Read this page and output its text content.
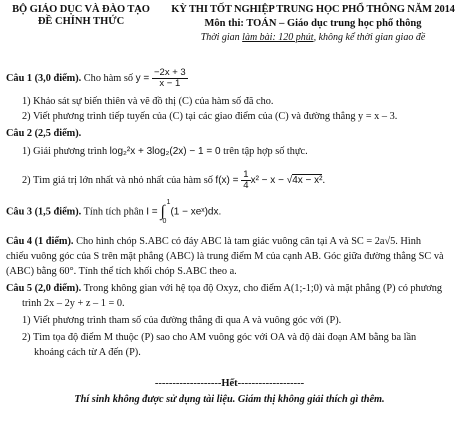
BỘ GIÁO DỤC VÀ ĐÀO TẠO
ĐỀ CHÍNH THỨC
KỲ THI TỐT NGHIỆP TRUNG HỌC PHỔ THÔNG NĂM 2014
Môn thi: TOÁN – Giáo dục trung học phổ thông
Thời gian làm bài: 120 phút, không kể thời gian giao đề
Câu 1 (3,0 điểm). Cho hàm số $y = \frac{-2x + 3}{x - 1}$
1) Khảo sát sự biến thiên và vẽ đồ thị (C) của hàm số đã cho.
2) Viết phương trình tiếp tuyến của (C) tại các giao điểm của (C) và đường thẳng y = x – 3.
Câu 2 (2,5 điểm).
1) Giải phương trình log₂²x + 3log₂(2x) − 1 = 0 trên tập hợp số thực.
2) Tìm giá trị lớn nhất và nhỏ nhất của hàm số $f(x) = \frac{1}{4} x^2 - x - √4x - x^2$.
Câu 3 (1,5 điểm). Tính tích phân I = ∫
1
0
(1 − xeˣ)dx.
Câu 4 (1 điểm). Cho hình chóp S.ABC có đáy ABC là tam giác vuông cân tại A và SC = 2a√5. Hình
chiếu vuông góc của S trên mặt phẳng (ABC) là trung điểm M của cạnh AB. Góc giữa đường thẳng SC và
(ABC) bằng 60°. Tính thể tích khối chóp S.ABC theo a.
Câu 5 (2,0 điểm). Trong không gian với hệ tọa độ Oxyz, cho điểm A(1;-1;0) và mặt phẳng (P) có phương
trình 2x – 2y + z – 1 = 0.
1) Viết phương trình tham số của đường thẳng đi qua A và vuông góc với (P).
2) Tìm tọa độ điểm M thuộc (P) sao cho AM vuông góc với OA và độ dài đoạn AM bằng ba lần
khoảng cách từ A đến (P).
-------------------Hết-------------------
Thí sinh không được sử dụng tài liệu. Giám thị không giải thích gì thêm.
